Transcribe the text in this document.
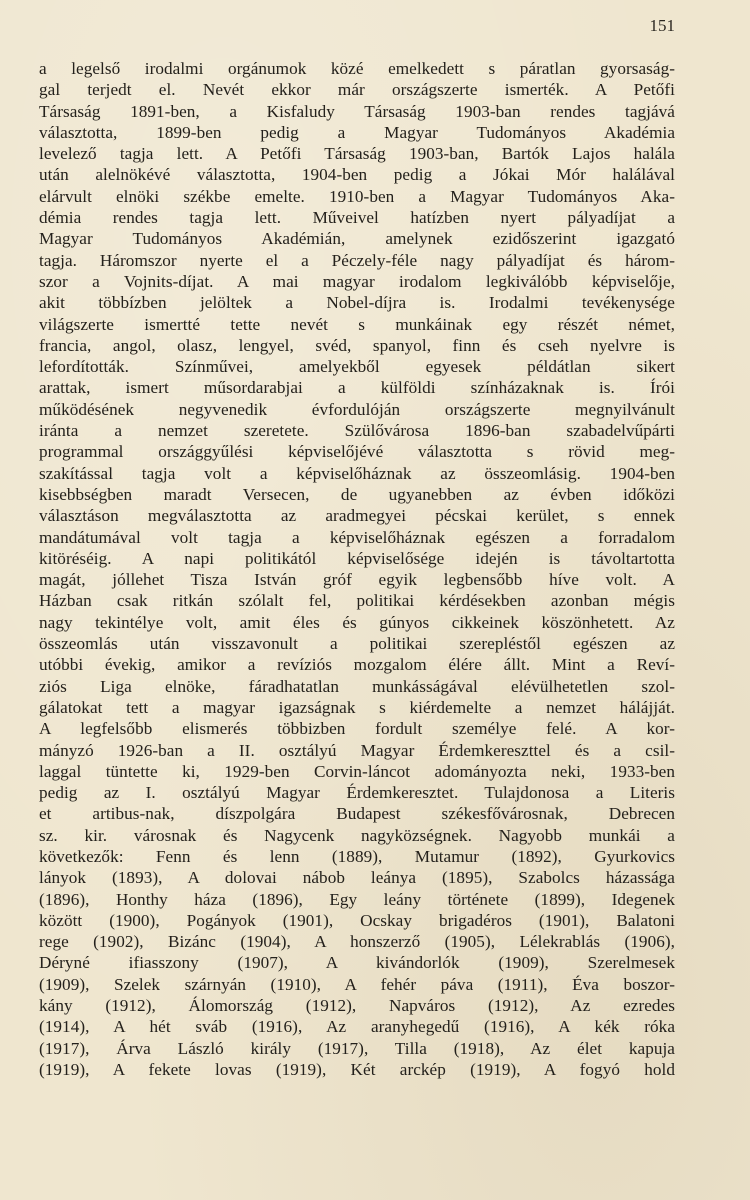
151
a legelső irodalmi orgánumok közé emelkedett s páratlan gyorsaság-
gal terjedt el. Nevét ekkor már országszerte ismerték. A Petőfi
Társaság 1891-ben, a Kisfaludy Társaság 1903-ban rendes tagjává
választotta, 1899-ben pedig a Magyar Tudományos Akadémia
levelező tagja lett. A Petőfi Társaság 1903-ban, Bartók Lajos halála
után alelnökévé választotta, 1904-ben pedig a Jókai Mór halálával
elárvult elnöki székbe emelte. 1910-ben a Magyar Tudományos Aka-
démia rendes tagja lett. Műveivel hatízben nyert pályadíjat a
Magyar Tudományos Akadémián, amelynek ezidőszerint igazgató
tagja. Háromszor nyerte el a Péczely-féle nagy pályadíjat és három-
szor a Vojnits-díjat. A mai magyar irodalom legkiválóbb képviselője,
akit többízben jelöltek a Nobel-díjra is. Irodalmi tevékenysége
világszerte ismertté tette nevét s munkáinak egy részét német,
francia, angol, olasz, lengyel, svéd, spanyol, finn és cseh nyelvre is
lefordították. Színművei, amelyekből egyesek példátlan sikert
arattak, ismert műsordarabjai a külföldi színházaknak is. Írói
működésének negyvenedik évfordulóján országszerte megnyilvánult
iránta a nemzet szeretete. Szülővárosa 1896-ban szabadelvűpárti
programmal országgyűlési képviselőjévé választotta s rövid meg-
szakítással tagja volt a képviselőháznak az összeomlásig. 1904-ben
kisebbségben maradt Versecen, de ugyanebben az évben időközi
választáson megválasztotta az aradmegyei pécskai kerület, s ennek
mandátumával volt tagja a képviselőháznak egészen a forradalom
kitöréséig. A napi politikától képviselősége idején is távoltartotta
magát, jóllehet Tisza István gróf egyik legbensőbb híve volt. A
Házban csak ritkán szólalt fel, politikai kérdésekben azonban mégis
nagy tekintélye volt, amit éles és gúnyos cikkeinek köszönhetett. Az
összeomlás után visszavonult a politikai szerepléstől egészen az
utóbbi évekig, amikor a revíziós mozgalom élére állt. Mint a Reví-
ziós Liga elnöke, fáradhatatlan munkásságával elévülhetetlen szol-
gálatokat tett a magyar igazságnak s kiérdemelte a nemzet hálájját.
A legfelsőbb elismerés többizben fordult személye felé. A kor-
mányzó 1926-ban a II. osztályú Magyar Érdemkereszttel és a csil-
laggal tüntette ki, 1929-ben Corvin-láncot adományozta neki, 1933-ben
pedig az I. osztályú Magyar Érdemkeresztet. Tulajdonosa a Literis
et artibus-nak, díszpolgára Budapest székesfővárosnak, Debrecen
sz. kir. városnak és Nagycenk nagyközségnek. Nagyobb munkái a
következők: Fenn és lenn (1889), Mutamur (1892), Gyurkovics
lányok (1893), A dolovai nábob leánya (1895), Szabolcs házassága
(1896), Honthy háza (1896), Egy leány története (1899), Idegenek
között (1900), Pogányok (1901), Ocskay brigadéros (1901), Balatoni
rege (1902), Bizánc (1904), A honszerző (1905), Lélekrablás (1906),
Déryné ifiasszony (1907), A kivándorlók (1909), Szerelmesek
(1909), Szelek szárnyán (1910), A fehér páva (1911), Éva boszor-
kány (1912), Álomország (1912), Napváros (1912), Az ezredes
(1914), A hét sváb (1916), Az aranyhegedű (1916), A kék róka
(1917), Árva László király (1917), Tilla (1918), Az élet kapuja
(1919), A fekete lovas (1919), Két arckép (1919), A fogyó hold
